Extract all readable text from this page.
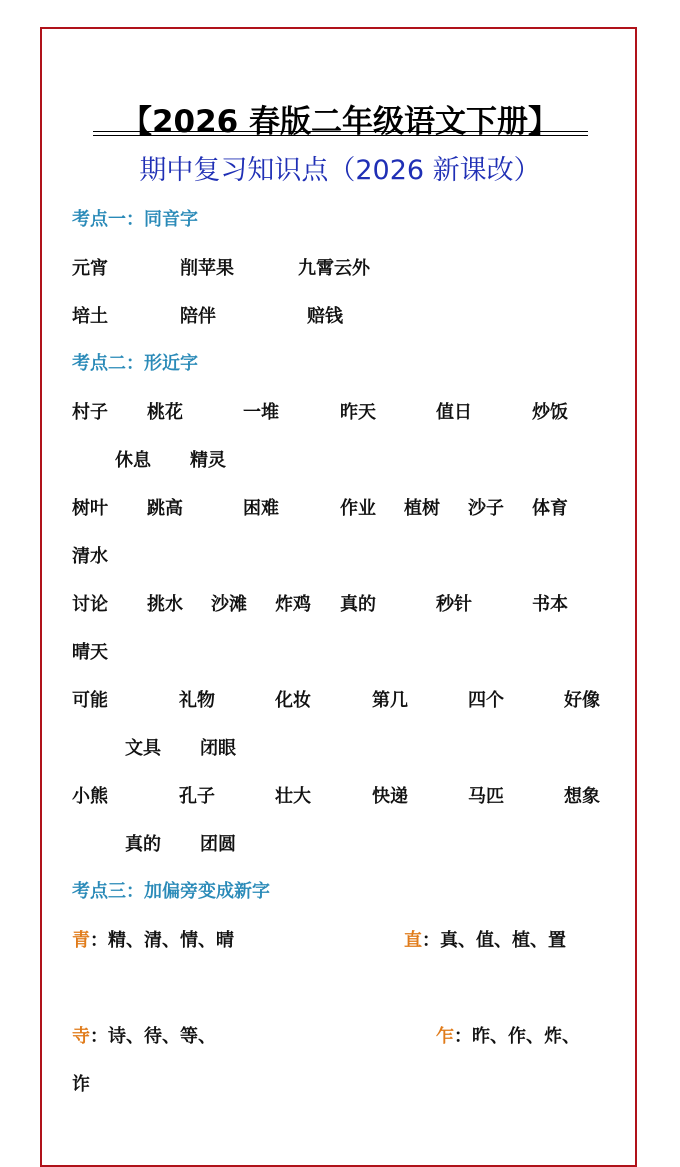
【2026 春版二年级语文下册】
期中复习知识点（2026 新课改）
考点一：同音字
元宵	削苹果	九霄云外
培土	陪伴	赔钱
考点二：形近字
村子 桃花	一堆	昨天	值日	炒饭
休息 精灵
树叶 跳高	困难	作业 植树 沙子 体育
清水
讨论 挑水 沙滩 炸鸡 真的	秒针	书本
晴天
可能	礼物	化妆	第几	四个	好像
文具 闭眼
小熊	孔子	壮大	快递	马匹	想象
真的 团圆
考点三：加偏旁变成新字
青：精、清、情、晴	直：真、值、植、置
寺：诗、待、等、	乍：昨、作、炸、
诈
